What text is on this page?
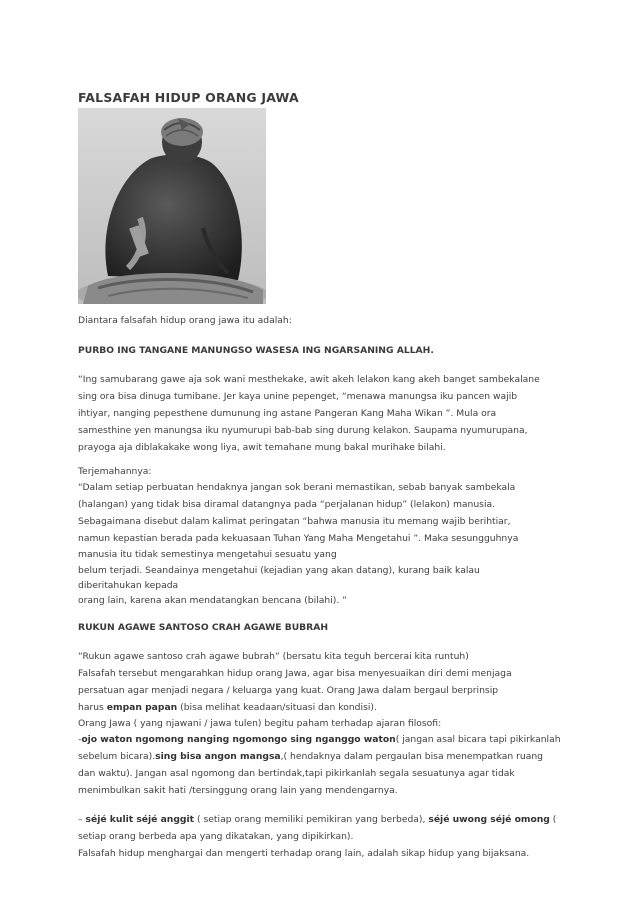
FALSAFAH HIDUP ORANG JAWA
Diantara falsafah hidup orang jawa itu adalah:
PURBO ING TANGANE MANUNGSO WASESA ING NGARSANING ALLAH.
“Ing samubarang gawe aja sok wani mesthekake, awit akeh lelakon kang akeh banget sambekalane
sing ora bisa dinuga tumibane. Jer kaya unine pepenget, “menawa manungsa iku pancen wajib
ihtiyar, nanging pepesthene dumunung ing astane Pangeran Kang Maha Wikan ”. Mula ora
samesthine yen manungsa iku nyumurupi bab-bab sing durung kelakon. Saupama nyumurupana,
prayoga aja diblakakake wong liya, awit temahane mung bakal murihake bilahi.
Terjemahannya:
“Dalam setiap perbuatan hendaknya jangan sok berani memastikan, sebab banyak sambekala
(halangan) yang tidak bisa diramal datangnya pada “perjalanan hidup” (lelakon) manusia.
Sebagaimana disebut dalam kalimat peringatan “bahwa manusia itu memang wajib berihtiar,
namun kepastian berada pada kekuasaan Tuhan Yang Maha Mengetahui ”. Maka sesungguhnya
manusia itu tidak semestinya mengetahui sesuatu yang
belum terjadi. Seandainya mengetahui (kejadian yang akan datang), kurang baik kalau
diberitahukan kepada
orang lain, karena akan mendatangkan bencana (bilahi). ”
RUKUN AGAWE SANTOSO CRAH AGAWE BUBRAH
“Rukun agawe santoso crah agawe bubrah” (bersatu kita teguh bercerai kita runtuh)
Falsafah tersebut mengarahkan hidup orang Jawa, agar bisa menyesuaikan diri demi menjaga
persatuan agar menjadi negara / keluarga yang kuat. Orang Jawa dalam bergaul berprinsip
harus empan papan (bisa melihat keadaan/situasi dan kondisi).
Orang Jawa ( yang njawani / jawa tulen) begitu paham terhadap ajaran filosofi:
-ojo waton ngomong nanging ngomongo sing nganggo waton( jangan asal bicara tapi pikirkanlah
sebelum bicara).sing bisa angon mangsa,( hendaknya dalam pergaulan bisa menempatkan ruang
dan waktu). Jangan asal ngomong dan bertindak,tapi pikirkanlah segala sesuatunya agar tidak
menimbulkan sakit hati /tersinggung orang lain yang mendengarnya.
– séjé kulit séjé anggit ( setiap orang memiliki pemikiran yang berbeda), séjé uwong séjé omong (
setiap orang berbeda apa yang dikatakan, yang dipikirkan).
Falsafah hidup menghargai dan mengerti terhadap orang lain, adalah sikap hidup yang bijaksana.
